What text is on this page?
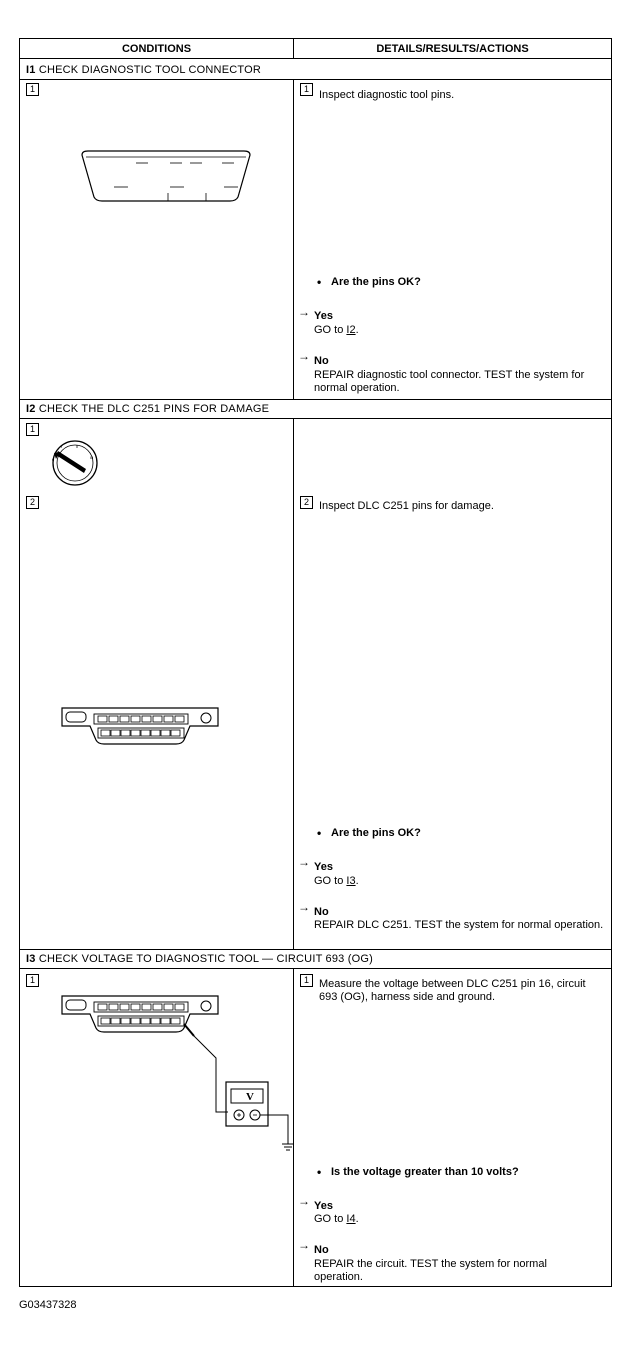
CONDITIONS	DETAILS/RESULTS/ACTIONS
I1 CHECK DIAGNOSTIC TOOL CONNECTOR
1	1 Inspect diagnostic tool pins.
• Are the pins OK?
→ Yes
GO to I2.
→ No
REPAIR diagnostic tool connector. TEST the system for normal operation.
I2 CHECK THE DLC C251 PINS FOR DAMAGE
1
0
I	II
III
2	2 Inspect DLC C251 pins for damage.
• Are the pins OK?
→ Yes
GO to I3.
→ No
REPAIR DLC C251. TEST the system for normal operation.
I3 CHECK VOLTAGE TO DIAGNOSTIC TOOL — CIRCUIT 693 (OG)
1
V
1 Measure the voltage between DLC C251 pin 16, circuit 693 (OG), harness side and ground.
• Is the voltage greater than 10 volts?
→ Yes
GO to I4.
→ No
REPAIR the circuit. TEST the system for normal operation.
G03437328
